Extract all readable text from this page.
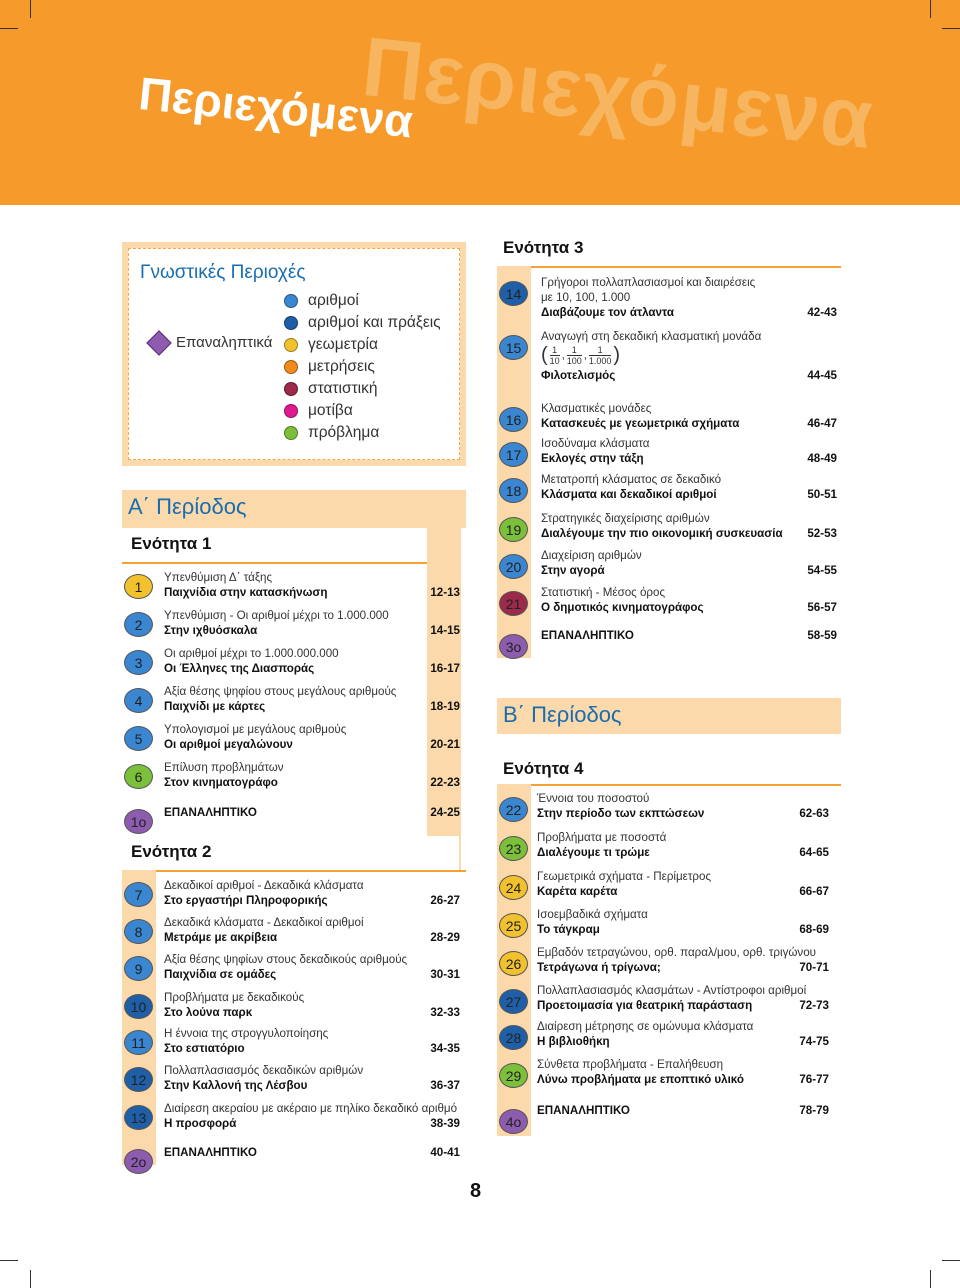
Περιεχόμενα
Περιεχόμενα
Γνωστικές Περιοχές
Επαναληπτικά
αριθμοί
αριθμοί και πράξεις
γεωμετρία
μετρήσεις
στατιστική
μοτίβα
πρόβλημα
Α΄ Περίοδος
Ενότητα 1
Ενότητα 2
Ενότητα 3
Β΄ Περίοδος
Ενότητα 4
1
Υπενθύμιση Δ΄ τάξης
Παιχνίδια στην κατασκήνωση	12-13
2
Υπενθύμιση - Οι αριθμοί μέχρι το 1.000.000
Στην ιχθυόσκαλα	14-15
3
Οι αριθμοί μέχρι το 1.000.000.000
Οι Έλληνες της Διασποράς	16-17
4
Αξία θέσης ψηφίου στους μεγάλους αριθμούς
Παιχνίδι με κάρτες	18-19
5
Υπολογισμοί με μεγάλους αριθμούς
Οι αριθμοί μεγαλώνουν	20-21
6
Επίλυση προβλημάτων
Στον κινηματογράφο	22-23
1ο
ΕΠΑΝΑΛΗΠΤΙΚΟ	24-25
7
Δεκαδικοί αριθμοί - Δεκαδικά κλάσματα
Στο εργαστήρι Πληροφορικής	26-27
8
Δεκαδικά κλάσματα - Δεκαδικοί αριθμοί
Μετράμε με ακρίβεια	28-29
9
Αξία θέσης ψηφίων στους δεκαδικούς αριθμούς
Παιχνίδια σε ομάδες	30-31
10
Προβλήματα με δεκαδικούς
Στο λούνα παρκ	32-33
11
Η έννοια της στρογγυλοποίησης
Στο εστιατόριο	34-35
12
Πολλαπλασιασμός δεκαδικών αριθμών
Στην Καλλονή της Λέσβου	36-37
13
Διαίρεση ακεραίου με ακέραιο με πηλίκο δεκαδικό αριθμό
Η προσφορά	38-39
2ο
ΕΠΑΝΑΛΗΠΤΙΚΟ	40-41
14
Γρήγοροι πολλαπλασιασμοί και διαιρέσεις
με 10, 100, 1.000
Διαβάζουμε τον άτλαντα	42-43
15
Αναγωγή στη δεκαδική κλασματική μονάδα
( $\frac{1}{10}$ , $\frac{1}{100}$ , $\frac{1}{1.000}$ )
Φιλοτελισμός	44-45
16
Κλασματικές μονάδες
Κατασκευές με γεωμετρικά σχήματα	46-47
17
Ισοδύναμα κλάσματα
Εκλογές στην τάξη	48-49
18
Μετατροπή κλάσματος σε δεκαδικό
Κλάσματα και δεκαδικοί αριθμοί	50-51
19
Στρατηγικές διαχείρισης αριθμών
Διαλέγουμε την πιο οικονομική συσκευασία	52-53
20
Διαχείριση αριθμών
Στην αγορά	54-55
21
Στατιστική - Μέσος όρος
Ο δημοτικός κινηματογράφος	56-57
3ο
ΕΠΑΝΑΛΗΠΤΙΚΟ	58-59
22
Έννοια του ποσοστού
Στην περίοδο των εκπτώσεων	62-63
23
Προβλήματα με ποσοστά
Διαλέγουμε τι τρώμε	64-65
24
Γεωμετρικά σχήματα - Περίμετρος
Καρέτα καρέτα	66-67
25
Ισοεμβαδικά σχήματα
Το τάγκραμ	68-69
26
Εμβαδόν τετραγώνου, ορθ. παραλ/μου, ορθ. τριγώνου
Τετράγωνα ή τρίγωνα;	70-71
27
Πολλαπλασιασμός κλασμάτων - Αντίστροφοι αριθμοί
Προετοιμασία για θεατρική παράσταση	72-73
28
Διαίρεση μέτρησης σε ομώνυμα κλάσματα
Η βιβλιοθήκη	74-75
29
Σύνθετα προβλήματα - Επαλήθευση
Λύνω προβλήματα με εποπτικό υλικό	76-77
4ο
ΕΠΑΝΑΛΗΠΤΙΚΟ	78-79
8
